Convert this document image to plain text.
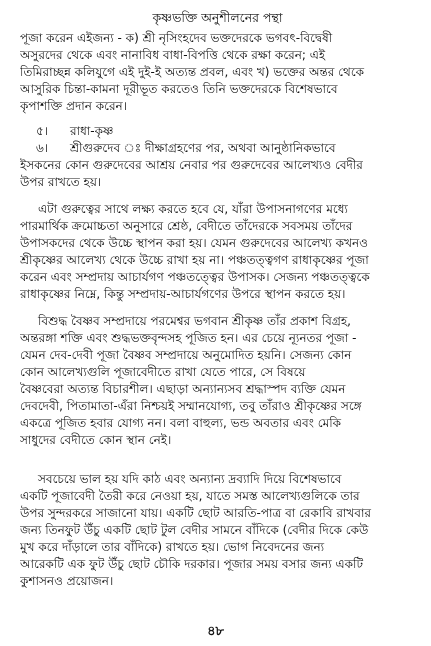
কৃষ্ণভক্তি অনুশীলনের পন্থা
পূজা করেন এইজন্য - ক) শ্রী নৃসিংহদেব ভক্তদেরকে ভগবৎ-বিদ্বেষী
অসুরদের থেকে এবং নানাবিধ বাধা-বিপত্তি থেকে রক্ষা করেন; এই
তিমিরাচ্ছন্ন কলিযুগে এই দুই-ই অত্যন্ত প্রবল, এবং খ) ভক্তের অন্তর থেকে
আসুরিক চিন্তা-কামনা দূরীভূত করতেও তিনি ভক্তদেরকে বিশেষভাবে
কৃপাশক্তি প্রদান করেন।
৫। রাধা-কৃষ্ণ
৬। শ্রীগুরুদেব ঃ দীক্ষাগ্রহণের পর, অথবা আনুষ্ঠানিকভাবে
ইসকনের কোন গুরুদেবের আশ্রয় নেবার পর গুরুদেবের আলেখ্যও বেদীর
উপর রাখতে হয়।
এটা গুরুত্বের সাথে লক্ষ্য করতে হবে যে, যাঁরা উপাসনাগণের মধ্যে
পারমার্থিক ক্রমোচ্চতা অনুসারে শ্রেষ্ঠ, বেদীতে তাঁদেরকে সবসময় তাঁদের
উপাসকদের থেকে উচ্চে স্থাপন করা হয়। যেমন গুরুদেবের আলেখ্য কখনও
শ্রীকৃষ্ণের আলেখ্য থেকে উচ্চে রাখা হয় না। পঞ্চতত্ত্বগণ রাধাকৃষ্ণের পূজা
করেন এবং সম্প্রদায় আচার্যগণ পঞ্চতত্ত্বের উপাসক। সেজন্য পঞ্চতত্ত্বকে
রাধাকৃষ্ণের নিম্নে, কিন্তু সম্প্রদায়-আচার্যগণের উপরে স্থাপন করতে হয়।
বিশুদ্ধ বৈষ্ণব সম্প্রদায়ে পরমেশ্বর ভগবান শ্রীকৃষ্ণ তাঁর প্রকাশ বিগ্রহ,
অন্তরঙ্গা শক্তি এবং শুদ্ধভক্তবৃন্দসহ পূজিত হন। এর চেয়ে ন্যূনতর পূজা -
যেমন দেব-দেবী পূজা বৈষ্ণব সম্প্রদায়ে অনুমোদিত হয়নি। সেজন্য কোন
কোন আলেখ্যগুলি পূজাবেদীতে রাখা যেতে পারে, সে বিষয়ে
বৈষ্ণবেরা অত্যন্ত বিচারশীল। এছাড়া অন্যান্যসব শ্রদ্ধাস্পদ ব্যক্তি যেমন
দেবদেবী, পিতামাতা-এঁরা নিশ্চয়ই সম্মানযোগ্য, তবু তাঁরাও শ্রীকৃষ্ণের সঙ্গে
একত্রে পূজিত হবার যোগ্য নন। বলা বাহুল্য, ভন্ড অবতার এবং মেকি
সাধুদের বেদীতে কোন স্থান নেই।
সবচেয়ে ভাল হয় যদি কাঠ এবং অন্যান্য দ্রব্যাদি দিয়ে বিশেষভাবে
একটি পূজাবেদী তৈরী করে নেওয়া হয়, যাতে সমস্ত আলেখ্যগুলিকে তার
উপর সুন্দরকরে সাজানো যায়। একটি ছোট আরতি-পাত্র বা রেকাবি রাখবার
জন্য তিনফুট উঁচু একটি ছোট টুল বেদীর সামনে বাঁদিকে (বেদীর দিকে কেউ
মুখ করে দাঁড়ালে তার বাঁদিকে) রাখতে হয়। ভোগ নিবেদনের জন্য
আরেকটি এক ফুট উঁচু ছোট চৌকি দরকার। পূজার সময় বসার জন্য একটি
কুশাসনও প্রয়োজন।
৪৮
